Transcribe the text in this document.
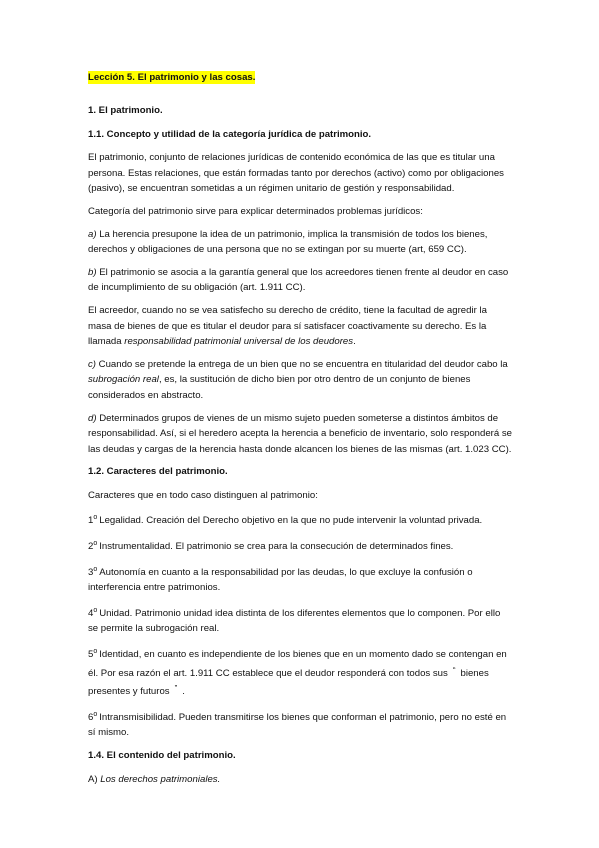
Lección 5. El patrimonio y las cosas.

1. El patrimonio.

1.1. Concepto y utilidad de la categoría jurídica de patrimonio.

El patrimonio, conjunto de relaciones jurídicas de contenido económica de las que es titular una persona. Estas relaciones, que están formadas tanto por derechos (activo) como por obligaciones (pasivo), se encuentran sometidas a un régimen unitario de gestión y responsabilidad.

Categoría del patrimonio sirve para explicar determinados problemas jurídicos:

a) La herencia presupone la idea de un patrimonio, implica la transmisión de todos los bienes, derechos y obligaciones de una persona que no se extingan por su muerte (art, 659 CC).

b) El patrimonio se asocia a la garantía general que los acreedores tienen frente al deudor en caso de incumplimiento de su obligación (art. 1.911 CC).

El acreedor, cuando no se vea satisfecho su derecho de crédito, tiene la facultad de agredir la masa de bienes de que es titular el deudor para sí satisfacer coactivamente su derecho. Es la llamada responsabilidad patrimonial universal de los deudores.

c) Cuando se pretende la entrega de un bien que no se encuentra en titularidad del deudor cabo la subrogación real, es, la sustitución de dicho bien por otro dentro de un conjunto de bienes considerados en abstracto.

d) Determinados grupos de vienes de un mismo sujeto pueden someterse a distintos ámbitos de responsabilidad. Así, si el heredero acepta la herencia a beneficio de inventario, solo responderá se las deudas y cargas de la herencia hasta donde alcancen los bienes de las mismas (art. 1.023 CC).

1.2. Caracteres del patrimonio.

Caracteres que en todo caso distinguen al patrimonio:

1$^o$ Legalidad. Creación del Derecho objetivo en la que no pude intervenir la voluntad privada.

2$^o$ Instrumentalidad. El patrimonio se crea para la consecución de determinados fines.

3$^o$ Autonomía en cuanto a la responsabilidad por las deudas, lo que excluye la confusión o interferencia entre patrimonios.

4$^o$ Unidad. Patrimonio unidad idea distinta de los diferentes elementos que lo componen. Por ello se permite la subrogación real.

5$^o$ Identidad, en cuanto es independiente de los bienes que en un momento dado se contengan en él. Por esa razón el art. 1.911 CC establece que el deudor responderá con todos sus “ bienes presentes y futuros ” .

6$^o$ Intransmisibilidad. Pueden transmitirse los bienes que conforman el patrimonio, pero no esté en sí mismo.

1.4. El contenido del patrimonio.

A) Los derechos patrimoniales.
